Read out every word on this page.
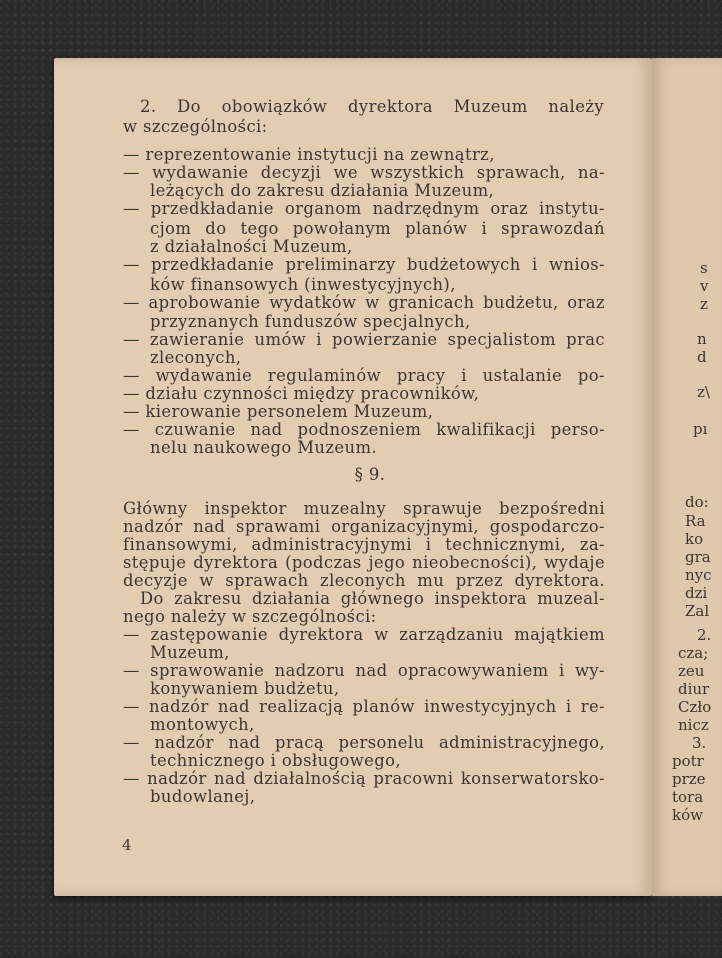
2. Do obowiązków dyrektora Muzeum należy
w szczególności:
— reprezentowanie instytucji na zewnątrz,
— wydawanie decyzji we wszystkich sprawach, na-
leżących do zakresu działania Muzeum,
— przedkładanie organom nadrzędnym oraz instytu-
cjom do tego powołanym planów i sprawozdań
z działalności Muzeum,
— przedkładanie preliminarzy budżetowych i wnios-
ków finansowych (inwestycyjnych),
— aprobowanie wydatków w granicach budżetu, oraz
przyznanych funduszów specjalnych,
— zawieranie umów i powierzanie specjalistom prac
zleconych,
— wydawanie regulaminów pracy i ustalanie po-
— działu czynności między pracowników,
— kierowanie personelem Muzeum,
— czuwanie nad podnoszeniem kwalifikacji perso-
nelu naukowego Muzeum.
Główny inspektor muzealny sprawuje bezpośredni
nadzór nad sprawami organizacyjnymi, gospodarczo-
finansowymi, administracyjnymi i technicznymi, za-
stępuje dyrektora (podczas jego nieobecności), wydaje
decyzje w sprawach zleconych mu przez dyrektora.
Do zakresu działania głównego inspektora muzeal-
nego należy w szczególności:
— zastępowanie dyrektora w zarządzaniu majątkiem
Muzeum,
— sprawowanie nadzoru nad opracowywaniem i wy-
konywaniem budżetu,
— nadzór nad realizacją planów inwestycyjnych i re-
montowych,
— nadzór nad pracą personelu administracyjnego,
technicznego i obsługowego,
— nadzór nad działalnością pracowni konserwatorsko-
budowlanej,
§ 9.
4
s
v
z
n
d
z\
pı
do:
Ra
ko
gra
nyc
dzi
Zal
2.
cza;
zeu
diur
Czło
nicz
3.
potr
prze
tora
ków
